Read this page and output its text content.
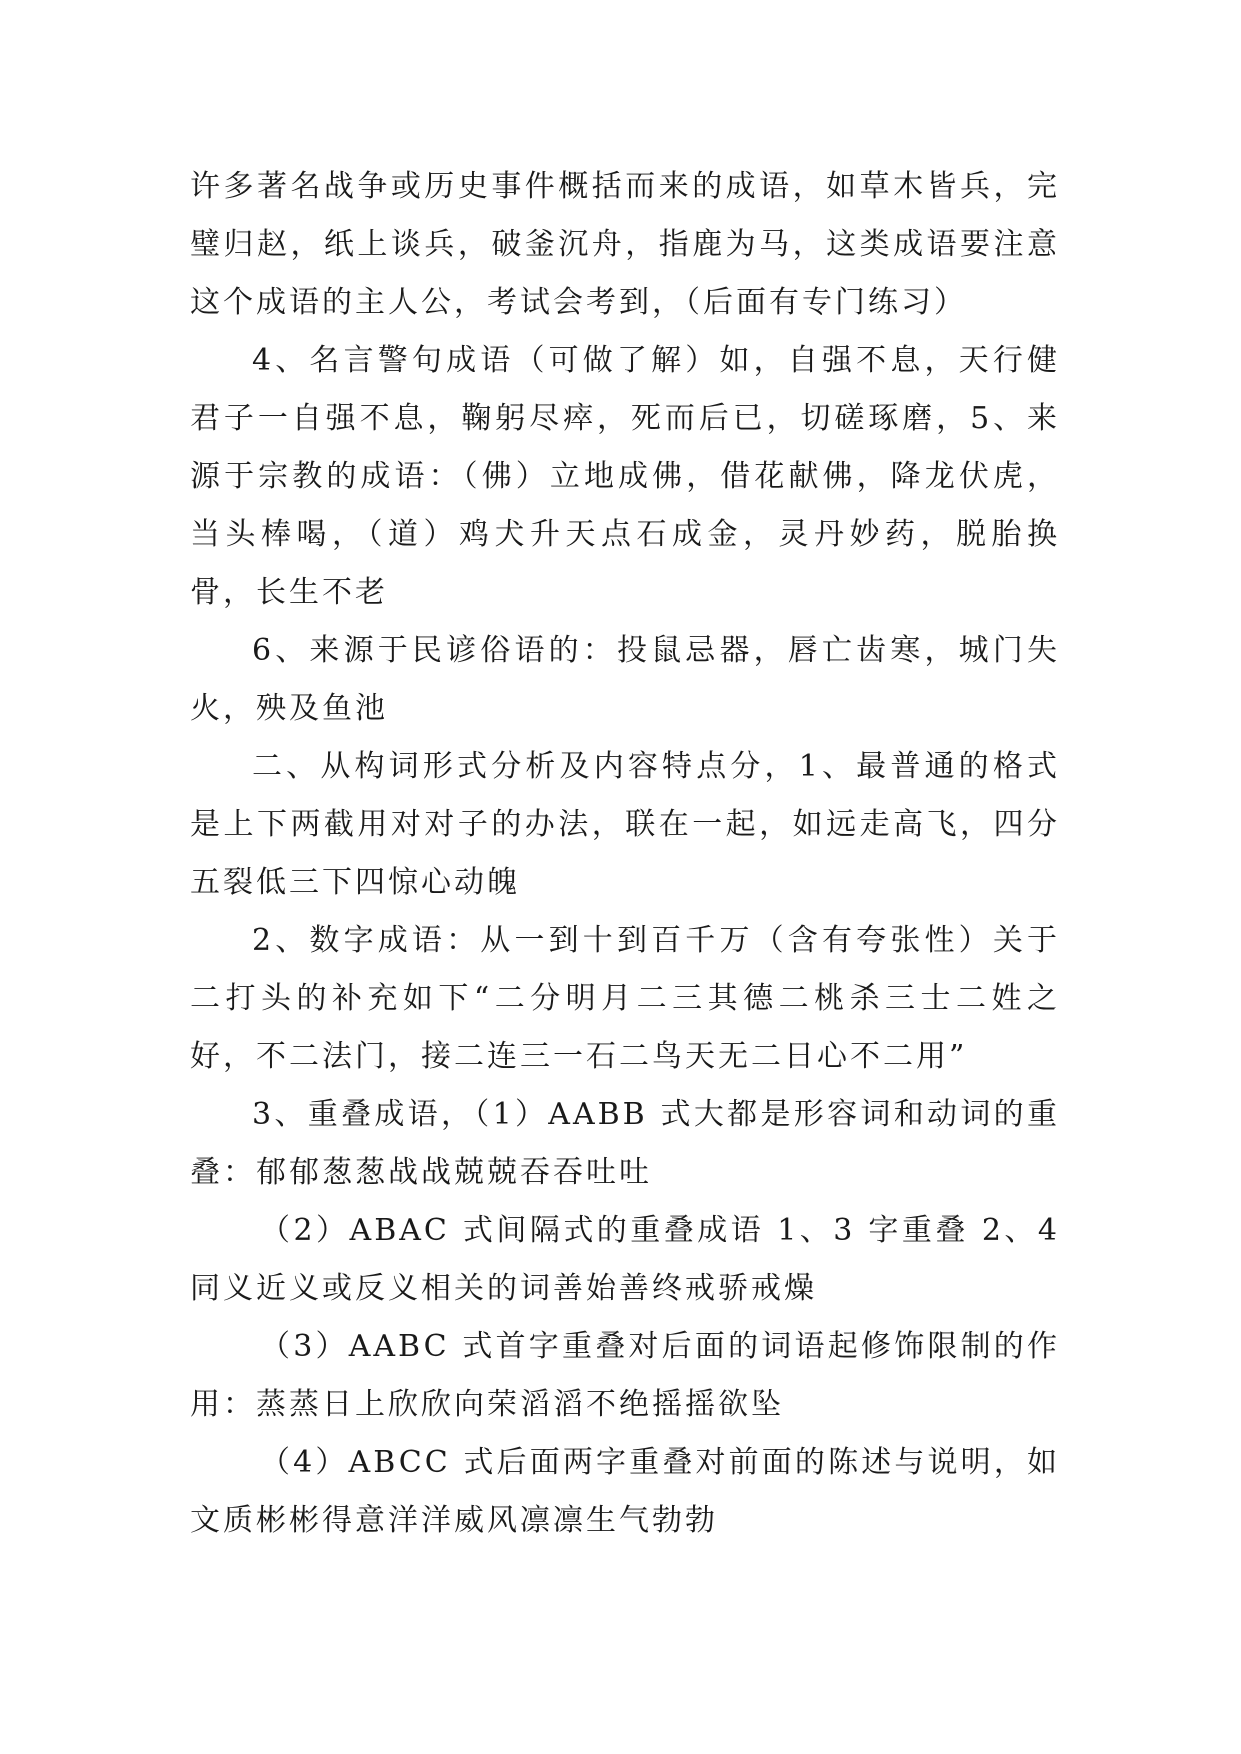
许多著名战争或历史事件概括而来的成语，如草木皆兵，完璧归赵，纸上谈兵，破釜沉舟，指鹿为马，这类成语要注意这个成语的主人公，考试会考到，（后面有专门练习）

4、名言警句成语（可做了解）如，自强不息，天行健君子一自强不息，鞠躬尽瘁，死而后已，切磋琢磨，5、来源于宗教的成语：（佛）立地成佛，借花献佛，降龙伏虎，当头棒喝，（道）鸡犬升天点石成金，灵丹妙药，脱胎换骨，长生不老

6、来源于民谚俗语的：投鼠忌器，唇亡齿寒，城门失火，殃及鱼池

二、从构词形式分析及内容特点分，1、最普通的格式是上下两截用对对子的办法，联在一起，如远走高飞，四分五裂低三下四惊心动魄

2、数字成语：从一到十到百千万（含有夸张性）关于二打头的补充如下“二分明月二三其德二桃杀三士二姓之好，不二法门，接二连三一石二鸟天无二日心不二用”

3、重叠成语，（1）AABB 式大都是形容词和动词的重叠：郁郁葱葱战战兢兢吞吞吐吐

（2）ABAC 式间隔式的重叠成语 1、3 字重叠 2、4 同义近义或反义相关的词善始善终戒骄戒燥

（3）AABC 式首字重叠对后面的词语起修饰限制的作用：蒸蒸日上欣欣向荣滔滔不绝摇摇欲坠

（4）ABCC 式后面两字重叠对前面的陈述与说明，如文质彬彬得意洋洋威风凛凛生气勃勃
